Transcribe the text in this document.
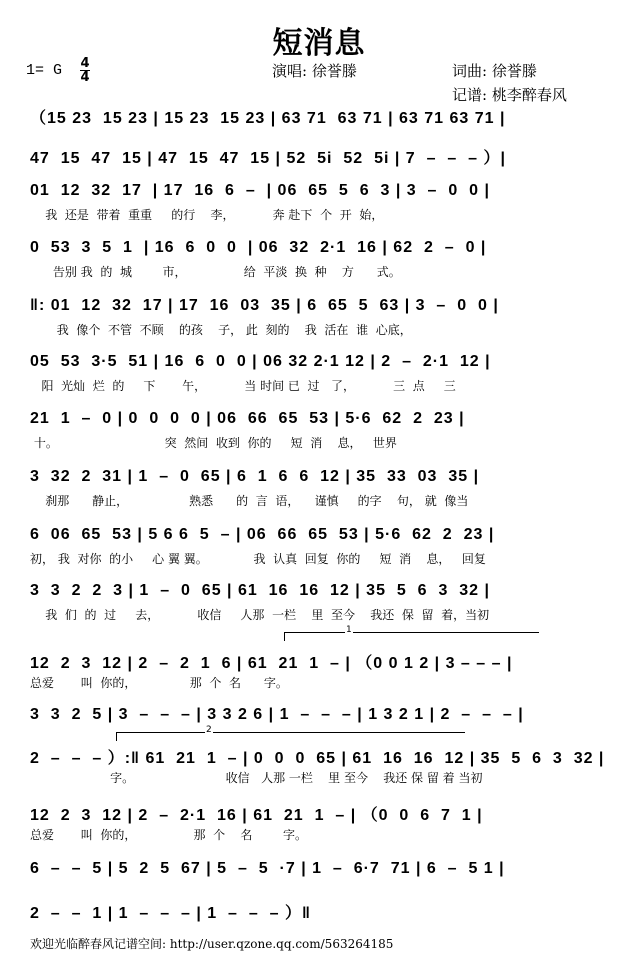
短消息
1= G 4
4	演唱: 徐誉滕	词曲: 徐誉滕
记谱: 桃李醉春风
（15 23  15 23 | 15 23  15 23 | 63 71  63 71 | 63 71 63 71 |
47  15  47  15 | 47  15  47  15 | 52  5i  52  5i | 7  –  –  – ）|
01  12  32  17  | 17  16  6  –  | 06  65  5  6  3 | 3  –  0  0 |
我  还是  带着  重重     的行    李，          奔 赴下  个  开  始，
0  53  3  5  1  | 16  6  0  0  | 06  32  2·1  16 | 62  2  –  0 |
告别 我  的  城        市，               给  平淡  换  种    方      式。
‖: 01  12  32  17 | 17  16  03  35 | 6  65  5  63 | 3  –  0  0 |
我  像个  不管  不顾    的孩    子， 此  刻的    我  活在  谁  心底，
05  53  3·5  51 | 16  6  0  0 | 06 32 2·1 12 | 2  –  2·1  12 |
阳  光灿  烂  的     下       午，          当 时间 已  过   了，          三  点     三
21  1  –  0 | 0  0  0  0 | 06  66  65  53 | 5·6  62  2  23 |
十。                            突  然间  收到  你的     短  消    息，   世界
3  32  2  31 | 1  –  0  65 | 6  1  6  6  12 | 35  33  03  35 |
刹那      静止，                熟悉      的  言  语，    谨慎     的字    句， 就  像当
6  06  65  53 | 5 6 6  5  – | 06  66  65  53 | 5·6  62  2  23 |
初， 我  对你  的小     心 翼 翼。            我  认真  回复  你的     短  消    息，   回复
3  3  2  2  3 | 1  –  0  65 | 61  16  16  12 | 35  5  6  3  32 |
我  们  的  过     去，          收信     人那  一栏    里  至今    我还  保  留  着，当初
1
12  2  3  12 | 2  –  2  1  6 | 61  21  1  – | （0 0 1 2 | 3 – – – |
总爱       叫  你的，              那  个  名      字。
3  3  2  5 | 3  –  –  – | 3 3 2 6 | 1  –  –  – | 1 3 2 1 | 2  –  –  – |
2
2  –  –  – ）:‖ 61  21  1  – | 0  0  0  65 | 61  16  16  12 | 35  5  6  3  32 |
字。                        收信   人那 一栏    里 至今    我还 保 留 着 当初
12  2  3  12 | 2  –  2·1  16 | 61  21  1  – | （0  0  6  7  1 |
总爱       叫  你的，               那  个    名        字。
6  –  –  5 | 5  2  5  67 | 5  –  5  ·7 | 1  –  6·7  71 | 6  –  5 1 |
2  –  –  1 | 1  –  –  – | 1  –  –  – ）‖
欢迎光临醉春风记谱空间: http://user.qzone.qq.com/563264185
